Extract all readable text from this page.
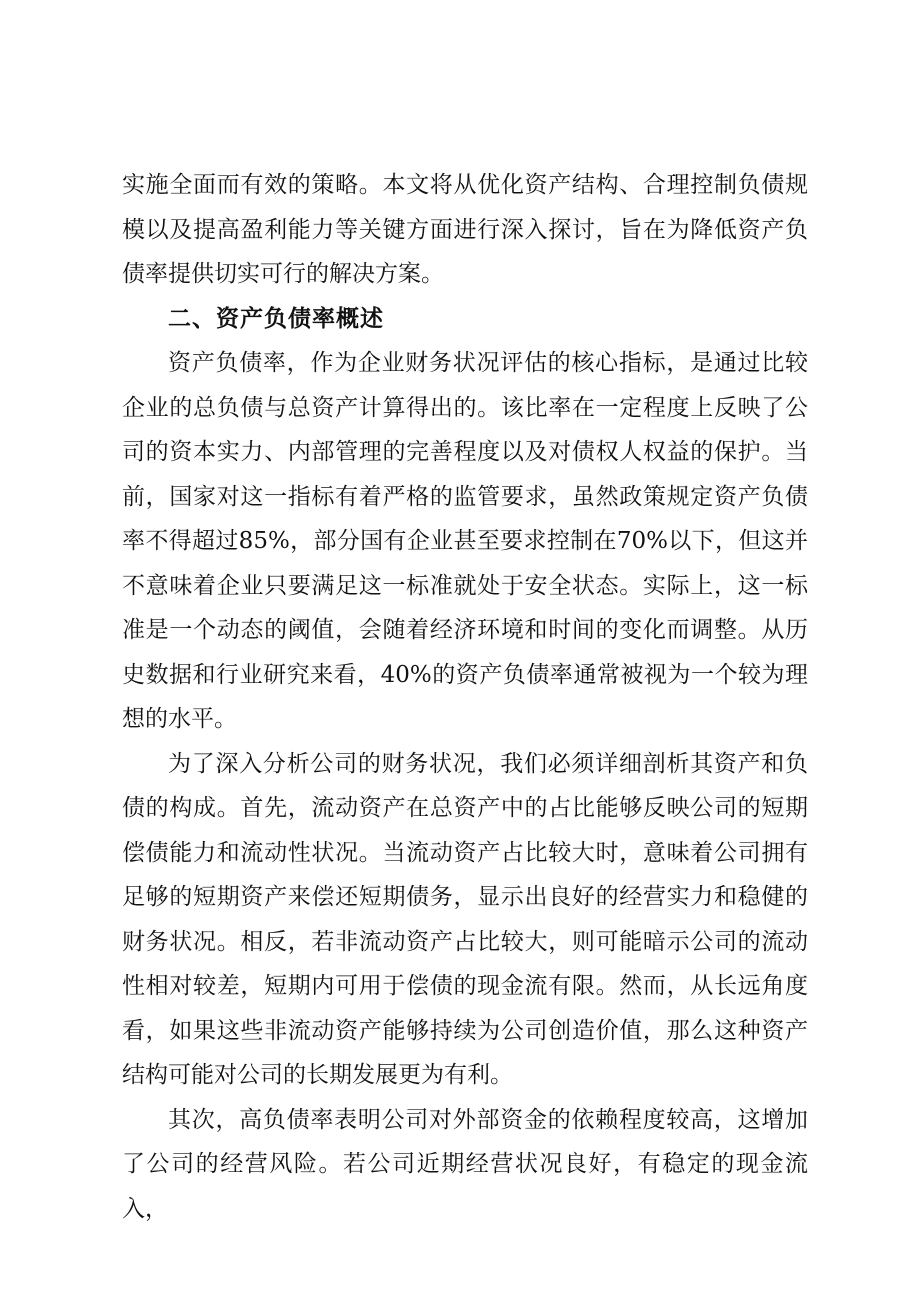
实施全面而有效的策略。本文将从优化资产结构、合理控制负债规模以及提高盈利能力等关键方面进行深入探讨，旨在为降低资产负债率提供切实可行的解决方案。

二、资产负债率概述

资产负债率，作为企业财务状况评估的核心指标，是通过比较企业的总负债与总资产计算得出的。该比率在一定程度上反映了公司的资本实力、内部管理的完善程度以及对债权人权益的保护。当前，国家对这一指标有着严格的监管要求，虽然政策规定资产负债率不得超过85%，部分国有企业甚至要求控制在70%以下，但这并不意味着企业只要满足这一标准就处于安全状态。实际上，这一标准是一个动态的阈值，会随着经济环境和时间的变化而调整。从历史数据和行业研究来看，40%的资产负债率通常被视为一个较为理想的水平。

为了深入分析公司的财务状况，我们必须详细剖析其资产和负债的构成。首先，流动资产在总资产中的占比能够反映公司的短期偿债能力和流动性状况。当流动资产占比较大时，意味着公司拥有足够的短期资产来偿还短期债务，显示出良好的经营实力和稳健的财务状况。相反，若非流动资产占比较大，则可能暗示公司的流动性相对较差，短期内可用于偿债的现金流有限。然而，从长远角度看，如果这些非流动资产能够持续为公司创造价值，那么这种资产结构可能对公司的长期发展更为有利。

其次，高负债率表明公司对外部资金的依赖程度较高，这增加了公司的经营风险。若公司近期经营状况良好，有稳定的现金流入，
